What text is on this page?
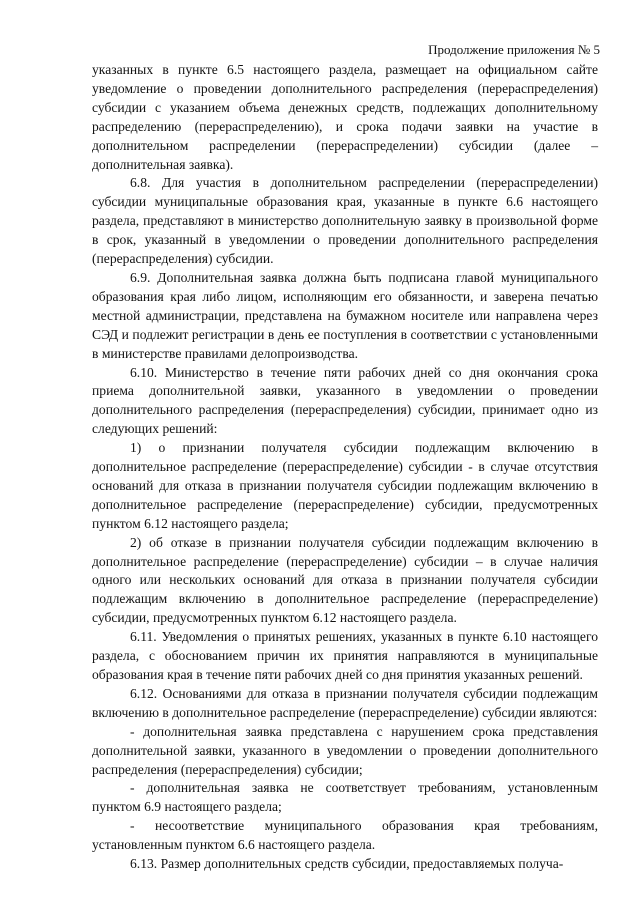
Продолжение приложения № 5

указанных в пункте 6.5 настоящего раздела, размещает на официальном сайте уведомление о проведении дополнительного распределения (перераспределения) субсидии с указанием объема денежных средств, подлежащих дополнительному распределению (перераспределению), и срока подачи заявки на участие в дополнительном распределении (перераспределении) субсидии (далее – дополнительная заявка).

6.8. Для участия в дополнительном распределении (перераспределении) субсидии муниципальные образования края, указанные в пункте 6.6 настоящего раздела, представляют в министерство дополнительную заявку в произвольной форме в срок, указанный в уведомлении о проведении дополнительного распределения (перераспределения) субсидии.

6.9. Дополнительная заявка должна быть подписана главой муниципального образования края либо лицом, исполняющим его обязанности, и заверена печатью местной администрации, представлена на бумажном носителе или направлена через СЭД и подлежит регистрации в день ее поступления в соответствии с установленными в министерстве правилами делопроизводства.

6.10. Министерство в течение пяти рабочих дней со дня окончания срока приема дополнительной заявки, указанного в уведомлении о проведении дополнительного распределения (перераспределения) субсидии, принимает одно из следующих решений:

1) о признании получателя субсидии подлежащим включению в дополнительное распределение (перераспределение) субсидии - в случае отсутствия оснований для отказа в признании получателя субсидии подлежащим включению в дополнительное распределение (перераспределение) субсидии, предусмотренных пунктом 6.12 настоящего раздела;

2) об отказе в признании получателя субсидии подлежащим включению в дополнительное распределение (перераспределение) субсидии – в случае наличия одного или нескольких оснований для отказа в признании получателя субсидии подлежащим включению в дополнительное распределение (перераспределение) субсидии, предусмотренных пунктом 6.12 настоящего раздела.

6.11. Уведомления о принятых решениях, указанных в пункте 6.10 настоящего раздела, с обоснованием причин их принятия направляются в муниципальные образования края в течение пяти рабочих дней со дня принятия указанных решений.

6.12. Основаниями для отказа в признании получателя субсидии подлежащим включению в дополнительное распределение (перераспределение) субсидии являются:

- дополнительная заявка представлена с нарушением срока представления дополнительной заявки, указанного в уведомлении о проведении дополнительного распределения (перераспределения) субсидии;

- дополнительная заявка не соответствует требованиям, установленным пунктом 6.9 настоящего раздела;

- несоответствие муниципального образования края требованиям, установленным пунктом 6.6 настоящего раздела.

6.13. Размер дополнительных средств субсидии, предоставляемых получа-
